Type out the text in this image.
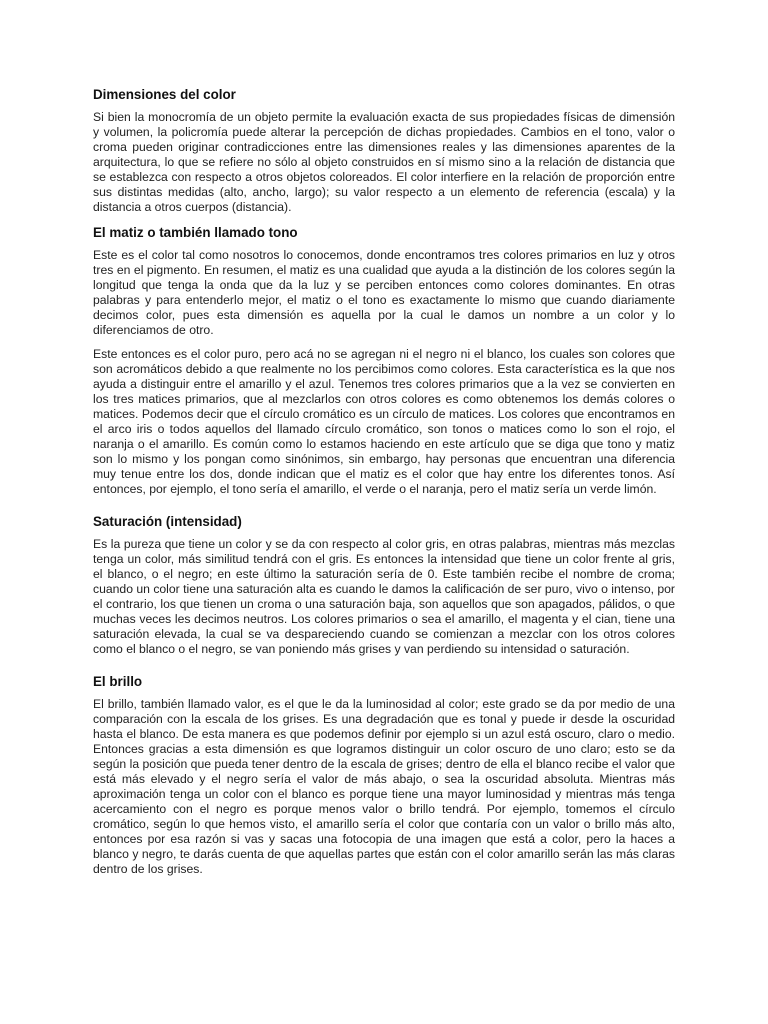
Dimensiones del color

Si bien la monocromía de un objeto permite la evaluación exacta de sus propiedades físicas de dimensión y volumen, la policromía puede alterar la percepción de dichas propiedades. Cambios en el tono, valor o croma pueden originar contradicciones entre las dimensiones reales y las dimensiones aparentes de la arquitectura, lo que se refiere no sólo al objeto construidos en sí mismo sino a la relación de distancia que se establezca con respecto a otros objetos coloreados. El color interfiere en la relación de proporción entre sus distintas medidas (alto, ancho, largo); su valor respecto a un elemento de referencia (escala) y la distancia a otros cuerpos (distancia).

El matiz o también llamado tono

Este es el color tal como nosotros lo conocemos, donde encontramos tres colores primarios en luz y otros tres en el pigmento. En resumen, el matiz es una cualidad que ayuda a la distinción de los colores según la longitud que tenga la onda que da la luz y se perciben entonces como colores dominantes. En otras palabras y para entenderlo mejor, el matiz o el tono es exactamente lo mismo que cuando diariamente decimos color, pues esta dimensión es aquella por la cual le damos un nombre a un color y lo diferenciamos de otro.

Este entonces es el color puro, pero acá no se agregan ni el negro ni el blanco, los cuales son colores que son acromáticos debido a que realmente no los percibimos como colores. Esta característica es la que nos ayuda a distinguir entre el amarillo y el azul. Tenemos tres colores primarios que a la vez se convierten en los tres matices primarios, que al mezclarlos con otros colores es como obtenemos los demás colores o matices. Podemos decir que el círculo cromático es un círculo de matices. Los colores que encontramos en el arco iris o todos aquellos del llamado círculo cromático, son tonos o matices como lo son el rojo, el naranja o el amarillo. Es común como lo estamos haciendo en este artículo que se diga que tono y matiz son lo mismo y los pongan como sinónimos, sin embargo, hay personas que encuentran una diferencia muy tenue entre los dos, donde indican que el matiz es el color que hay entre los diferentes tonos. Así entonces, por ejemplo, el tono sería el amarillo, el verde o el naranja, pero el matiz sería un verde limón.

Saturación (intensidad)

Es la pureza que tiene un color y se da con respecto al color gris, en otras palabras, mientras más mezclas tenga un color, más similitud tendrá con el gris. Es entonces la intensidad que tiene un color frente al gris, el blanco, o el negro; en este último la saturación sería de 0. Este también recibe el nombre de croma; cuando un color tiene una saturación alta es cuando le damos la calificación de ser puro, vivo o intenso, por el contrario, los que tienen un croma o una saturación baja, son aquellos que son apagados, pálidos, o que muchas veces les decimos neutros. Los colores primarios o sea el amarillo, el magenta y el cian, tiene una saturación elevada, la cual se va despareciendo cuando se comienzan a mezclar con los otros colores como el blanco o el negro, se van poniendo más grises y van perdiendo su intensidad o saturación.

El brillo

El brillo, también llamado valor, es el que le da la luminosidad al color; este grado se da por medio de una comparación con la escala de los grises. Es una degradación que es tonal y puede ir desde la oscuridad hasta el blanco. De esta manera es que podemos definir por ejemplo si un azul está oscuro, claro o medio. Entonces gracias a esta dimensión es que logramos distinguir un color oscuro de uno claro; esto se da según la posición que pueda tener dentro de la escala de grises; dentro de ella el blanco recibe el valor que está más elevado y el negro sería el valor de más abajo, o sea la oscuridad absoluta. Mientras más aproximación tenga un color con el blanco es porque tiene una mayor luminosidad y mientras más tenga acercamiento con el negro es porque menos valor o brillo tendrá. Por ejemplo, tomemos el círculo cromático, según lo que hemos visto, el amarillo sería el color que contaría con un valor o brillo más alto, entonces por esa razón si vas y sacas una fotocopia de una imagen que está a color, pero la haces a blanco y negro, te darás cuenta de que aquellas partes que están con el color amarillo serán las más claras dentro de los grises.
